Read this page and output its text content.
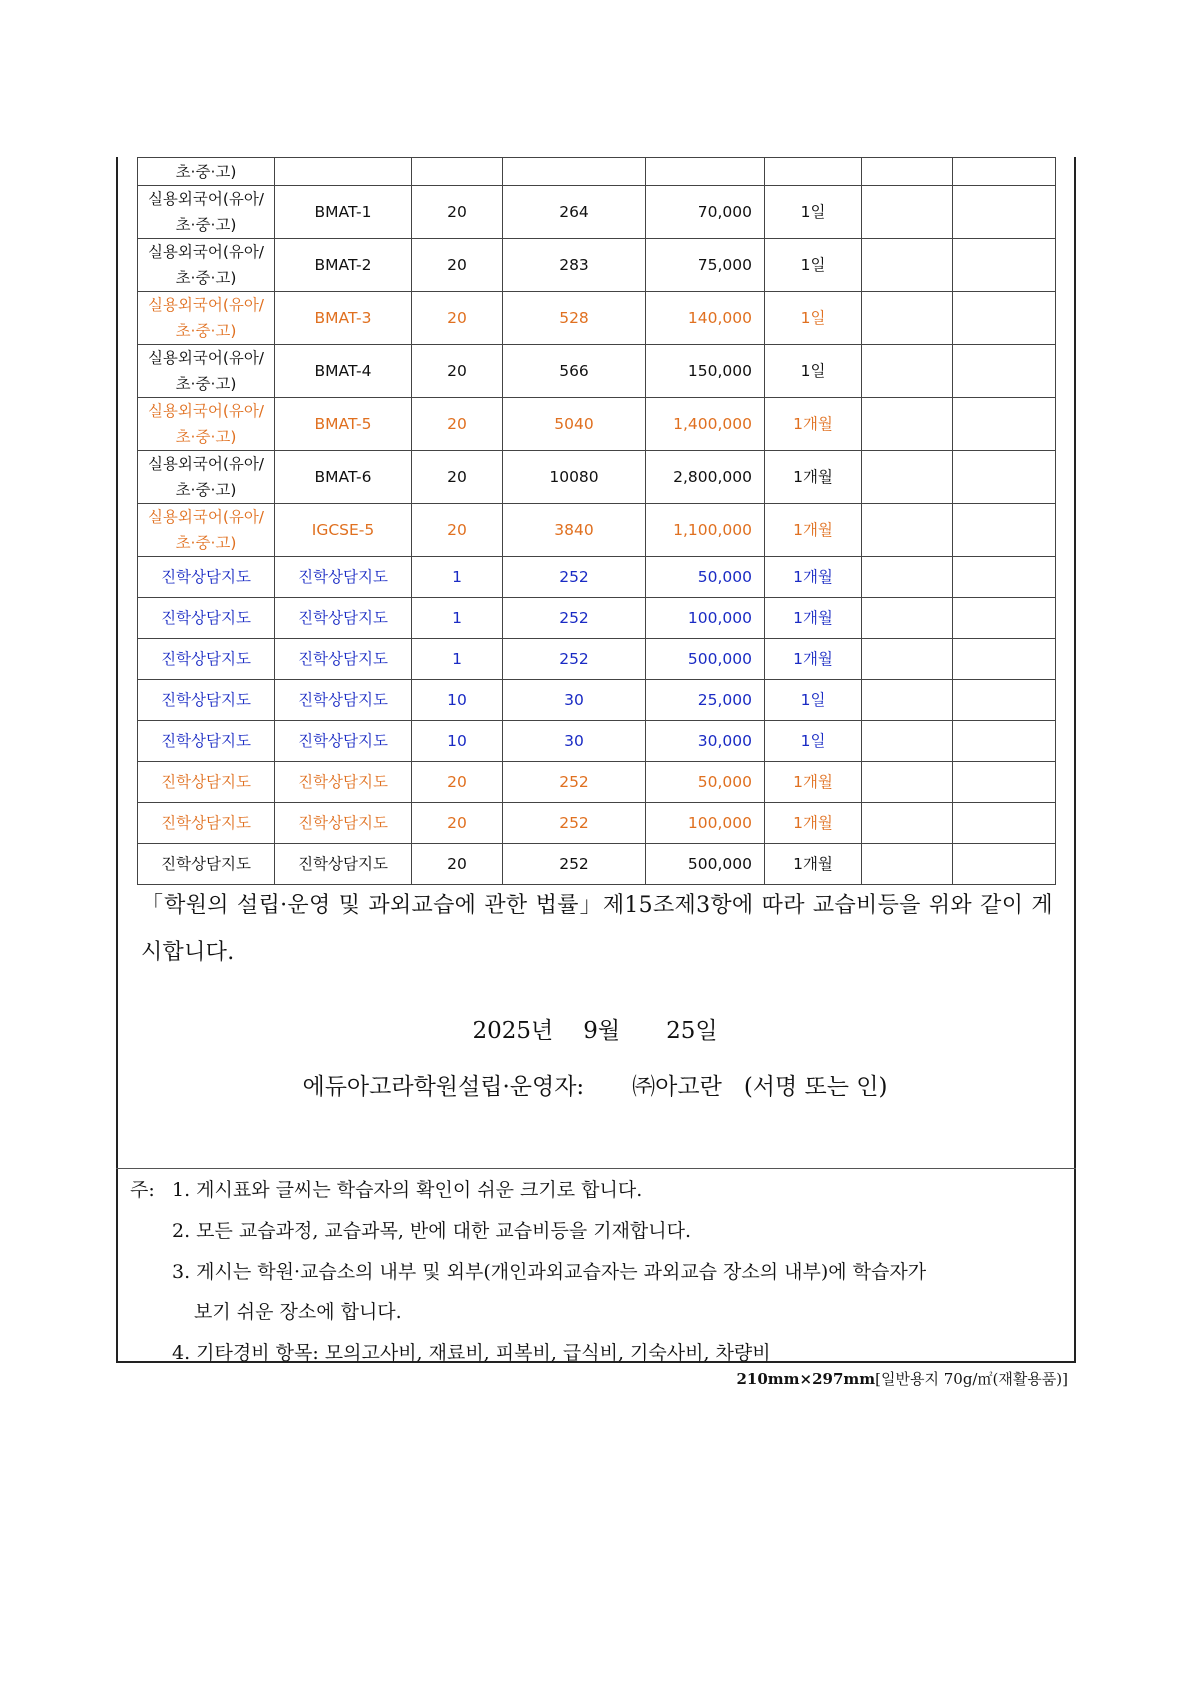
초·중·고)							
실용외국어(유아/초·중·고)	BMAT-1	20	264	70,000	1일		
실용외국어(유아/초·중·고)	BMAT-2	20	283	75,000	1일		
실용외국어(유아/초·중·고)	BMAT-3	20	528	140,000	1일		
실용외국어(유아/초·중·고)	BMAT-4	20	566	150,000	1일		
실용외국어(유아/초·중·고)	BMAT-5	20	5040	1,400,000	1개월		
실용외국어(유아/초·중·고)	BMAT-6	20	10080	2,800,000	1개월		
실용외국어(유아/초·중·고)	IGCSE-5	20	3840	1,100,000	1개월		
진학상담지도	진학상담지도	1	252	50,000	1개월		
진학상담지도	진학상담지도	1	252	100,000	1개월		
진학상담지도	진학상담지도	1	252	500,000	1개월		
진학상담지도	진학상담지도	10	30	25,000	1일		
진학상담지도	진학상담지도	10	30	30,000	1일		
진학상담지도	진학상담지도	20	252	50,000	1개월		
진학상담지도	진학상담지도	20	252	100,000	1개월		
진학상담지도	진학상담지도	20	252	500,000	1개월		
「학원의 설립·운영 및 과외교습에 관한 법률」제15조제3항에 따라 교습비등을 위와 같이 게시합니다.
2025년 9월 25일
에듀아고라학원설립·운영자: ㈜아고란 (서명 또는 인)
주: 1. 게시표와 글씨는 학습자의 확인이 쉬운 크기로 합니다.
2. 모든 교습과정, 교습과목, 반에 대한 교습비등을 기재합니다.
3. 게시는 학원·교습소의 내부 및 외부(개인과외교습자는 과외교습 장소의 내부)에 학습자가
보기 쉬운 장소에 합니다.
4. 기타경비 항목: 모의고사비, 재료비, 피복비, 급식비, 기숙사비, 차량비
210mm×297mm[일반용지 70g/㎡(재활용품)]
